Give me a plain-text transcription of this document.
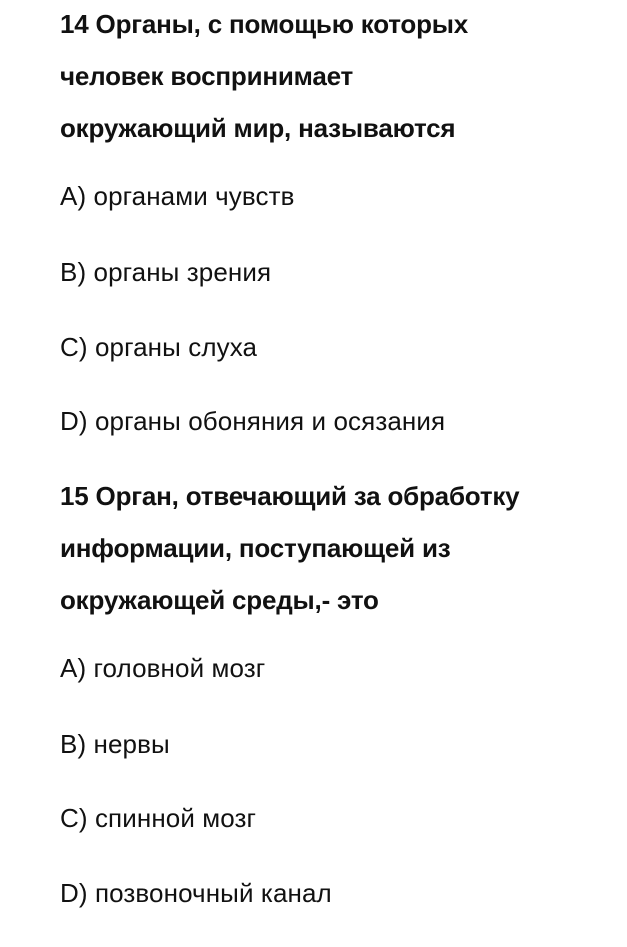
14 Органы, с помощью которых
человек воспринимает
окружающий мир, называются
A) органами чувств
B) органы зрения
C) органы слуха
D) органы обоняния и осязания
15 Орган, отвечающий за обработку
информации, поступающей из
окружающей среды,- это
A) головной мозг
B) нервы
C) спинной мозг
D) позвоночный канал
